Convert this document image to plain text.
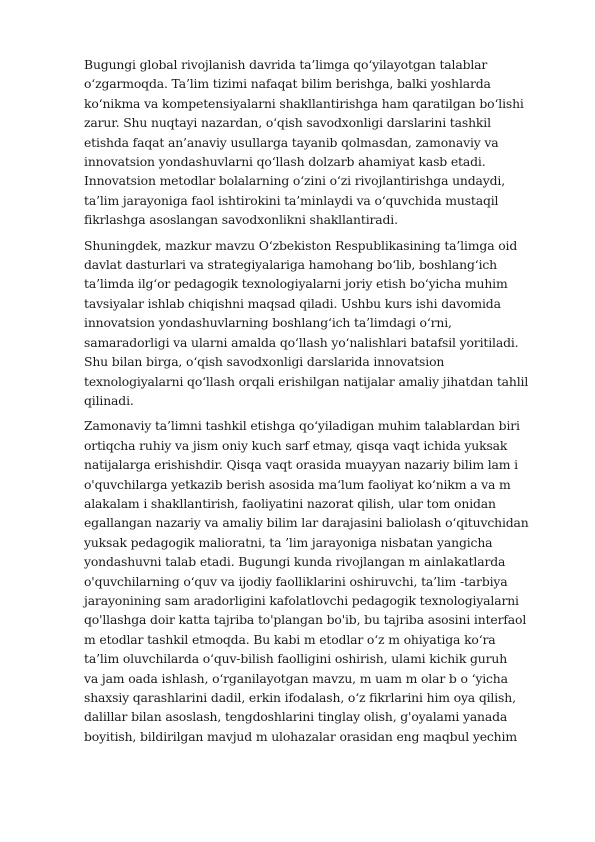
Bugungi global rivojlanish davrida ta’limga qo‘yilayotgan talablar
o‘zgarmoqda. Ta’lim tizimi nafaqat bilim berishga, balki yoshlarda
ko‘nikma va kompetensiyalarni shakllantirishga ham qaratilgan bo‘lishi
zarur. Shu nuqtayi nazardan, o‘qish savodxonligi darslarini tashkil
etishda faqat an’anaviy usullarga tayanib qolmasdan, zamonaviy va
innovatsion yondashuvlarni qo‘llash dolzarb ahamiyat kasb etadi.
Innovatsion metodlar bolalarning o‘zini o‘zi rivojlantirishga undaydi,
ta’lim jarayoniga faol ishtirokini ta’minlaydi va o‘quvchida mustaqil
fikrlashga asoslangan savodxonlikni shakllantiradi.
Shuningdek, mazkur mavzu O‘zbekiston Respublikasining ta’limga oid
davlat dasturlari va strategiyalariga hamohang bo‘lib, boshlang‘ich
ta’limda ilg‘or pedagogik texnologiyalarni joriy etish bo‘yicha muhim
tavsiyalar ishlab chiqishni maqsad qiladi. Ushbu kurs ishi davomida
innovatsion yondashuvlarning boshlang‘ich ta’limdagi o‘rni,
samaradorligi va ularni amalda qo‘llash yo‘nalishlari batafsil yoritiladi.
Shu bilan birga, o‘qish savodxonligi darslarida innovatsion
texnologiyalarni qo‘llash orqali erishilgan natijalar amaliy jihatdan tahlil
qilinadi.
Zamonaviy ta’limni tashkil etishga qo‘yiladigan muhim talablardan biri
ortiqcha ruhiy va jism oniy kuch sarf etmay, qisqa vaqt ichida yuksak
natijalarga erishishdir. Qisqa vaqt orasida muayyan nazariy bilim lam i
o'quvchilarga yetkazib berish asosida ma‘lum faoliyat ko‘nikm a va m
alakalam i shakllantirish, faoliyatini nazorat qilish, ular tom onidan
egallangan nazariy va amaliy bilim lar darajasini baliolash o‘qituvchidan
yuksak pedagogik malioratni, ta ’lim jarayoniga nisbatan yangicha
yondashuvni talab etadi. Bugungi kunda rivojlangan m ainlakatlarda
o'quvchilarning o‘quv va ijodiy faolliklarini oshiruvchi, ta’lim -tarbiya
jarayonining sam aradorligini kafolatlovchi pedagogik texnologiyalarni
qo'llashga doir katta tajriba to'plangan bo'ib, bu tajriba asosini interfaol
m etodlar tashkil etmoqda. Bu kabi m etodlar o‘z m ohiyatiga ko‘ra
ta’lim oluvchilarda o‘quv-bilish faolligini oshirish, ulami kichik guruh
va jam oada ishlash, o‘rganilayotgan mavzu, m uam m olar b o ‘yicha
shaxsiy qarashlarini dadil, erkin ifodalash, o‘z fikrlarini him oya qilish,
dalillar bilan asoslash, tengdoshlarini tinglay olish, g'oyalami yanada
boyitish, bildirilgan mavjud m ulohazalar orasidan eng maqbul yechim
